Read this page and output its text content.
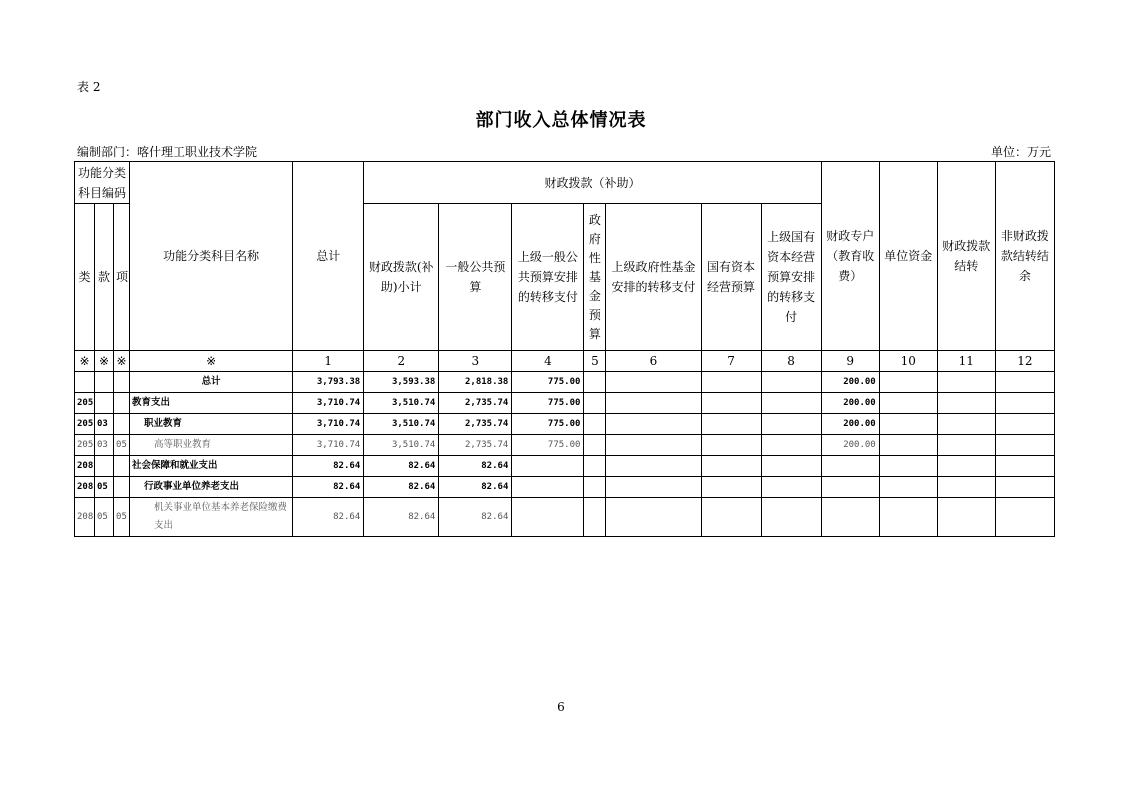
表 2
部门收入总体情况表
编制部门：喀什理工职业技术学院	单位：万元
功能分类科目编码			功能分类科目名称	总计	财政拨款（补助）							财政专户（教育收费）	单位资金	财政拨款结转	非财政拨款结转结余
类	款	项			财政拨款(补助)小计	一般公共预算	上级一般公共预算安排的转移支付	政府性基金预算	上级政府性基金安排的转移支付	国有资本经营预算	上级国有资本经营预算安排的转移支付				
※	※	※	※	1	2	3	4	5	6	7	8	9	10	11	12
			总计	3,793.38	3,593.38	2,818.38	775.00					200.00			
205			教育支出	3,710.74	3,510.74	2,735.74	775.00					200.00			
205	03		职业教育	3,710.74	3,510.74	2,735.74	775.00					200.00			
205	03	05	高等职业教育	3,710.74	3,510.74	2,735.74	775.00					200.00			
208			社会保障和就业支出	82.64	82.64	82.64									
208	05		行政事业单位养老支出	82.64	82.64	82.64									
208	05	05	机关事业单位基本养老保险缴费支出	82.64	82.64	82.64									
6
